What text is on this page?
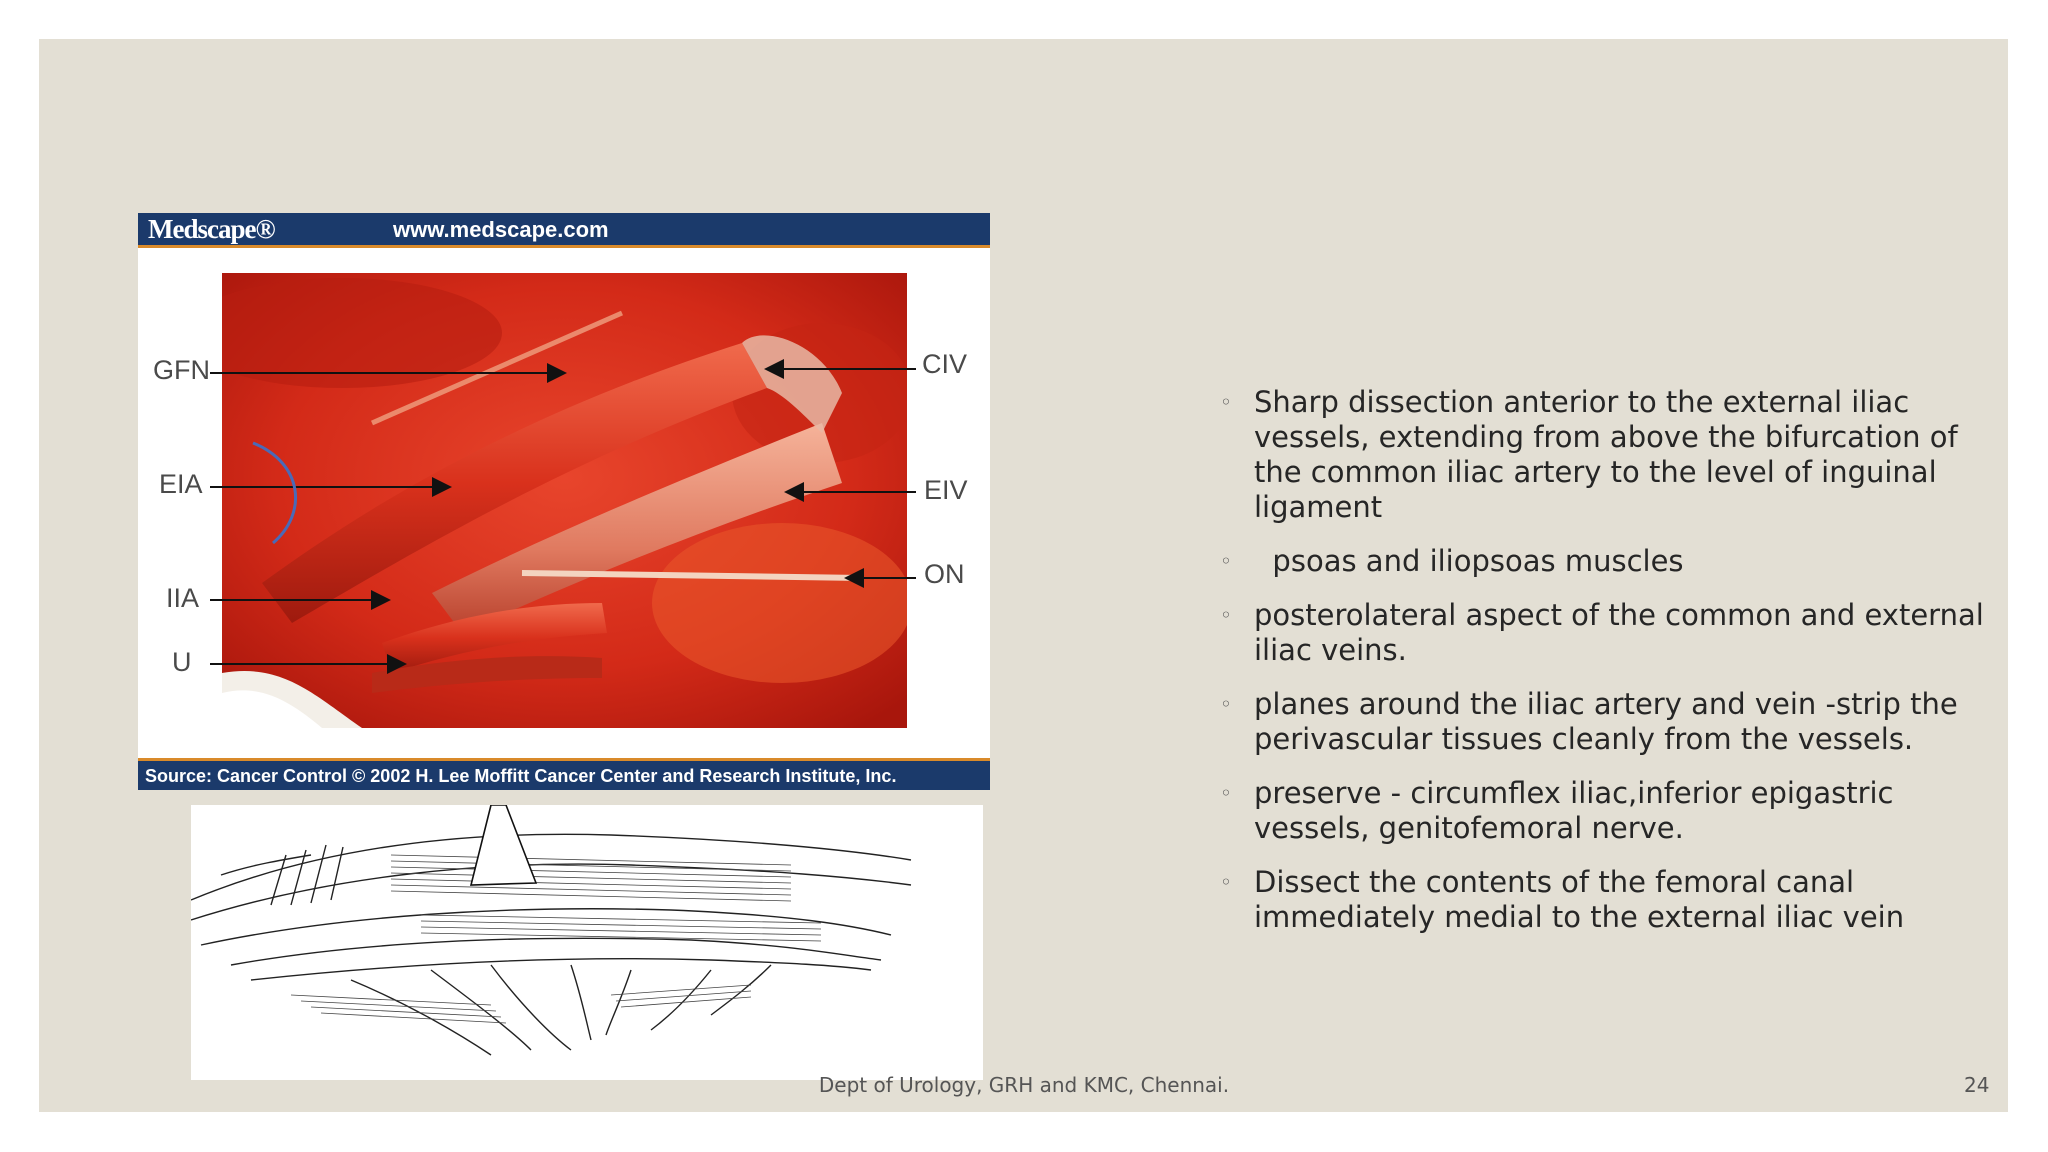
Medscape®	www.medscape.com
GFN
EIA
IIA
U
CIV
EIV
ON
Source: Cancer Control © 2002 H. Lee Moffitt Cancer Center and Research Institute, Inc.
◦ Sharp dissection anterior to the external iliac vessels, extending from above the bifurcation of the common iliac artery to the level of inguinal ligament
◦ psoas and iliopsoas muscles
◦ posterolateral aspect of the common and external iliac veins.
◦ planes around the iliac artery and vein -strip the perivascular tissues cleanly from the vessels.
◦ preserve - circumflex iliac,inferior epigastric vessels, genitofemoral nerve.
◦ Dissect the contents of the femoral canal immediately medial to the external iliac vein
Dept of Urology, GRH and KMC, Chennai.	24
